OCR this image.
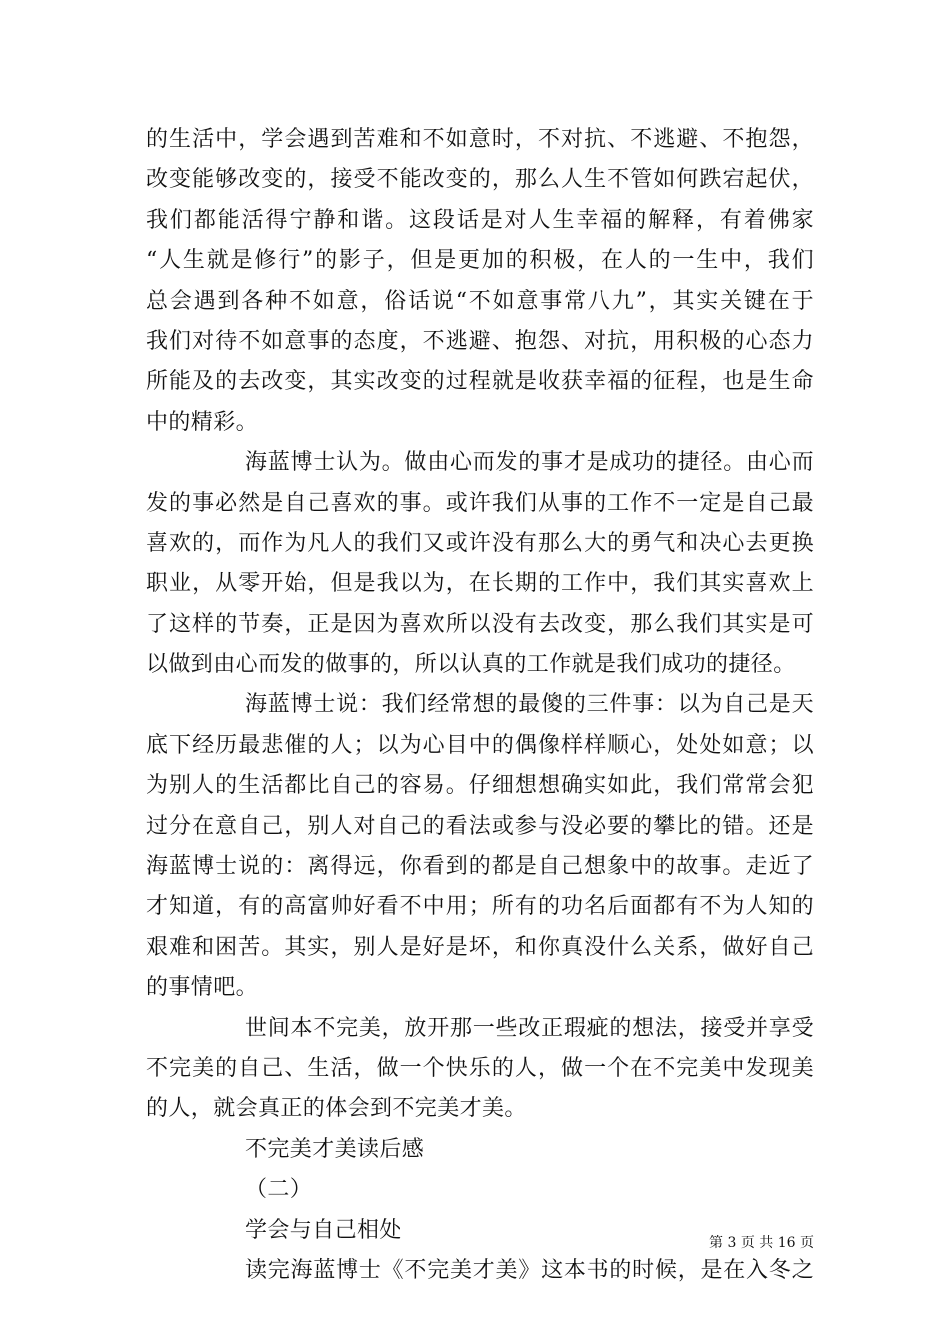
的生活中，学会遇到苦难和不如意时，不对抗、不逃避、不抱怨，
改变能够改变的，接受不能改变的，那么人生不管如何跌宕起伏，
我们都能活得宁静和谐。这段话是对人生幸福的解释，有着佛家
“人生就是修行”的影子，但是更加的积极，在人的一生中，我们
总会遇到各种不如意，俗话说“不如意事常八九”，其实关键在于
我们对待不如意事的态度，不逃避、抱怨、对抗，用积极的心态力
所能及的去改变，其实改变的过程就是收获幸福的征程，也是生命
中的精彩。
海蓝博士认为。做由心而发的事才是成功的捷径。由心而
发的事必然是自己喜欢的事。或许我们从事的工作不一定是自己最
喜欢的，而作为凡人的我们又或许没有那么大的勇气和决心去更换
职业，从零开始，但是我以为，在长期的工作中，我们其实喜欢上
了这样的节奏，正是因为喜欢所以没有去改变，那么我们其实是可
以做到由心而发的做事的，所以认真的工作就是我们成功的捷径。
海蓝博士说：我们经常想的最傻的三件事：以为自己是天
底下经历最悲催的人；以为心目中的偶像样样顺心，处处如意；以
为别人的生活都比自己的容易。仔细想想确实如此，我们常常会犯
过分在意自己，别人对自己的看法或参与没必要的攀比的错。还是
海蓝博士说的：离得远，你看到的都是自己想象中的故事。走近了
才知道，有的高富帅好看不中用；所有的功名后面都有不为人知的
艰难和困苦。其实，别人是好是坏，和你真没什么关系，做好自己
的事情吧。
世间本不完美，放开那一些改正瑕疵的想法，接受并享受
不完美的自己、生活，做一个快乐的人，做一个在不完美中发现美
的人，就会真正的体会到不完美才美。
不完美才美读后感
（二）
学会与自己相处
读完海蓝博士《不完美才美》这本书的时候，是在入冬之
第 3 页 共 16 页
